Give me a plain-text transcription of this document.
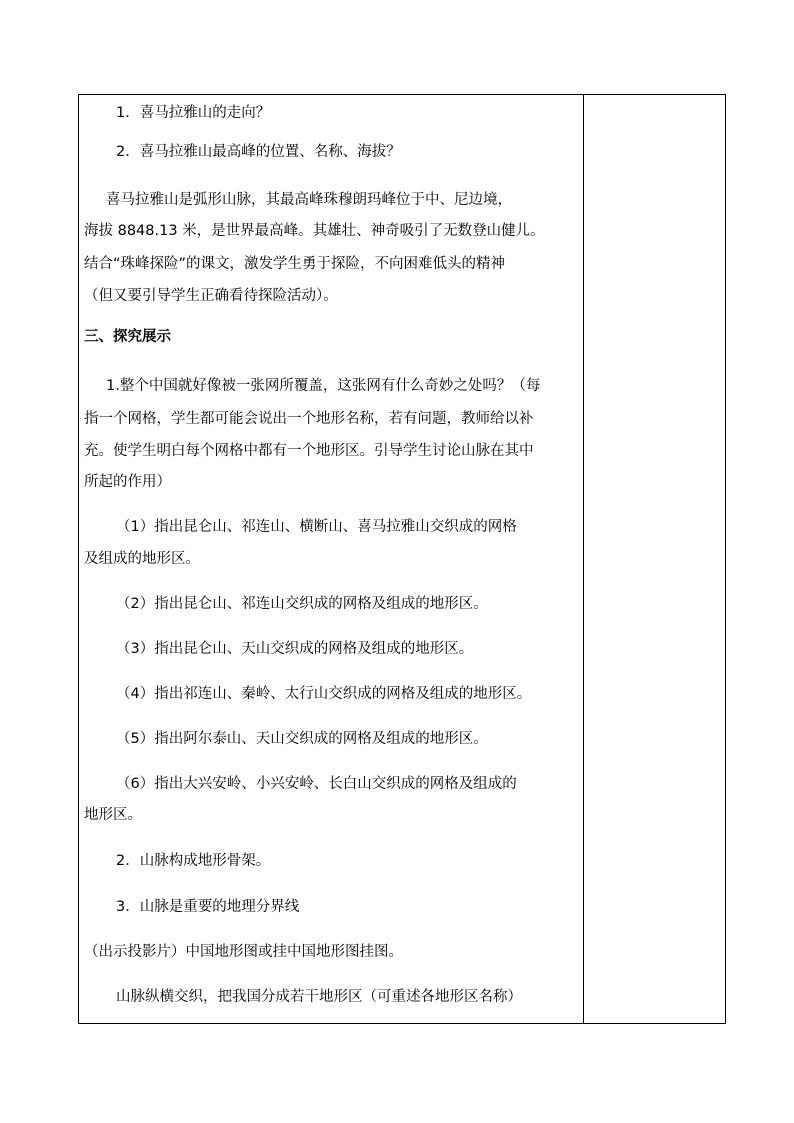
1．喜马拉雅山的走向？
2．喜马拉雅山最高峰的位置、名称、海拔？
喜马拉雅山是弧形山脉，其最高峰珠穆朗玛峰位于中、尼边境，
海拔 8848.13 米，是世界最高峰。其雄壮、神奇吸引了无数登山健儿。
结合“珠峰探险”的课文，激发学生勇于探险，不向困难低头的精神
（但又要引导学生正确看待探险活动）。
三、探究展示
1.整个中国就好像被一张网所覆盖，这张网有什么奇妙之处吗？（每
指一个网格，学生都可能会说出一个地形名称，若有问题，教师给以补
充。使学生明白每个网格中都有一个地形区。引导学生讨论山脉在其中
所起的作用）
（1）指出昆仑山、祁连山、横断山、喜马拉雅山交织成的网格
及组成的地形区。
（2）指出昆仑山、祁连山交织成的网格及组成的地形区。
（3）指出昆仑山、天山交织成的网格及组成的地形区。
（4）指出祁连山、秦岭、太行山交织成的网格及组成的地形区。
（5）指出阿尔泰山、天山交织成的网格及组成的地形区。
（6）指出大兴安岭、小兴安岭、长白山交织成的网格及组成的
地形区。
2．山脉构成地形骨架。
3．山脉是重要的地理分界线
（出示投影片）中国地形图或挂中国地形图挂图。
山脉纵横交织，把我国分成若干地形区（可重述各地形区名称）
